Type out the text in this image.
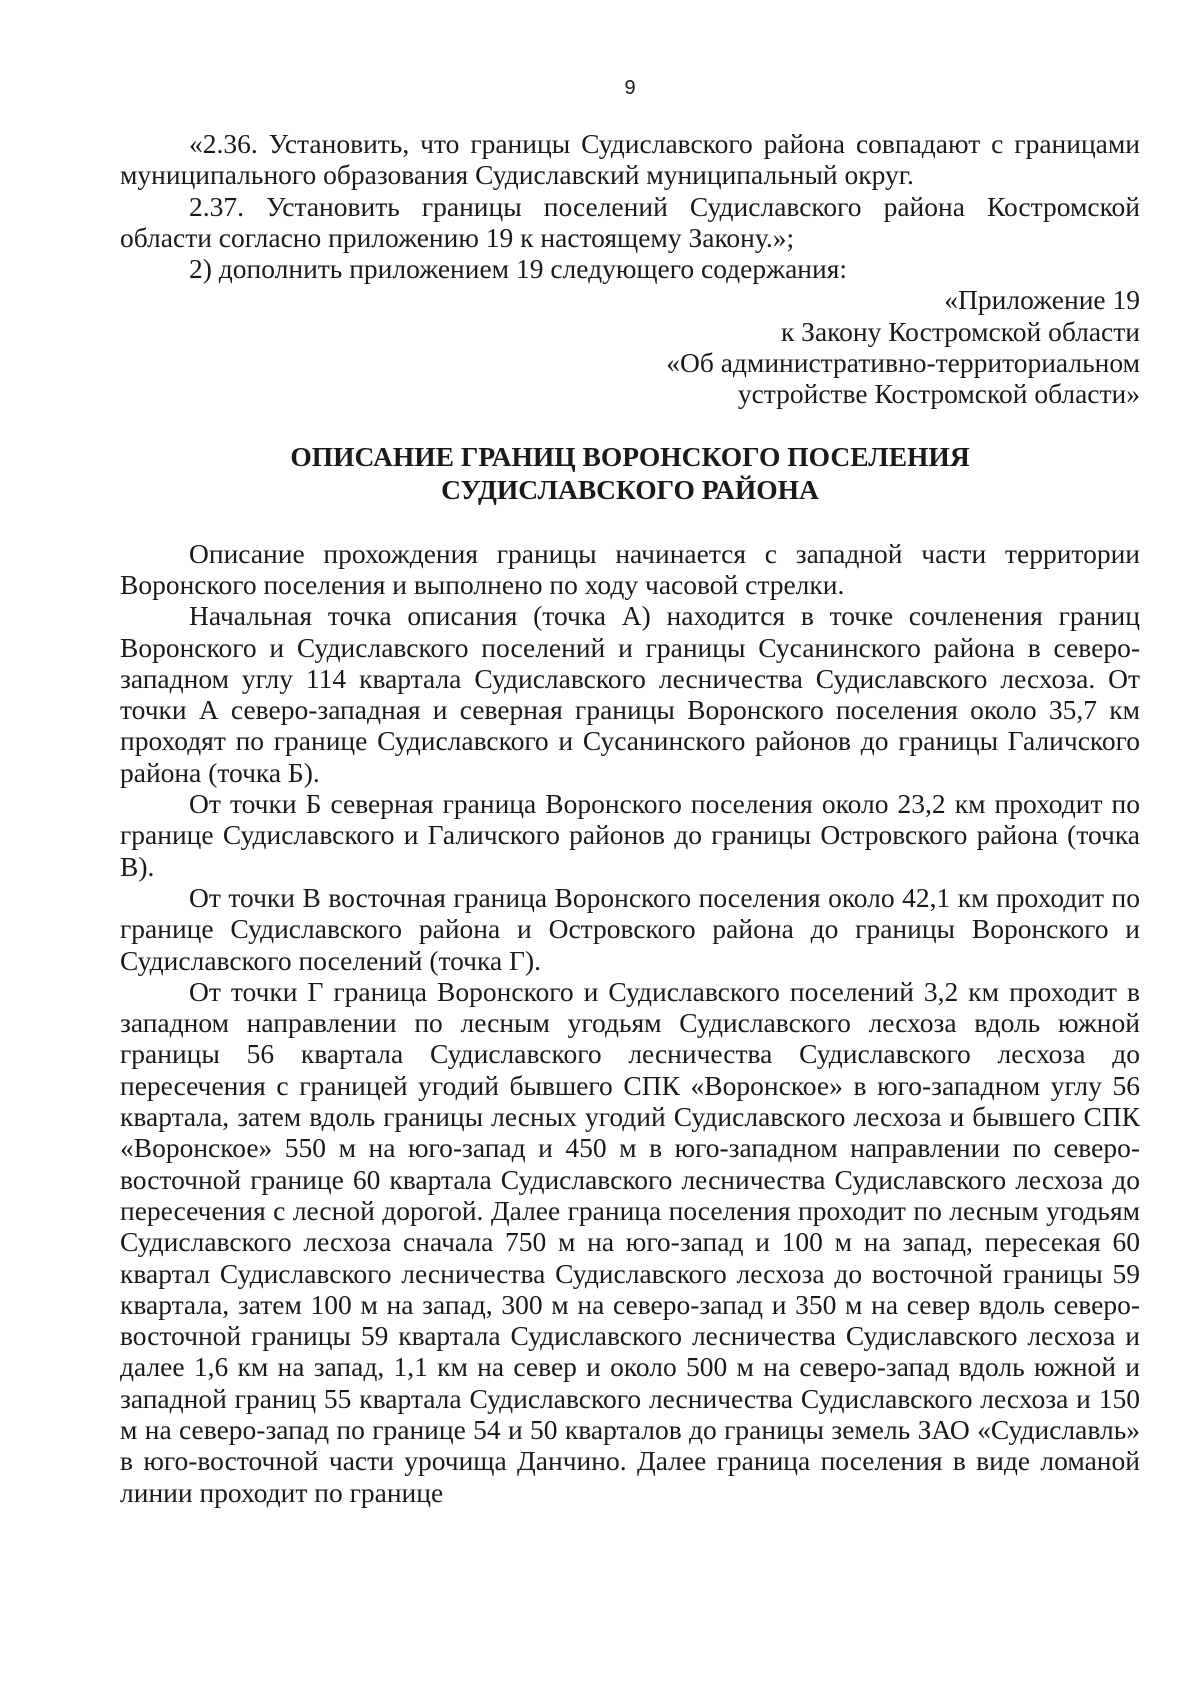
9

«2.36. Установить, что границы Судиславского района совпадают с границами муниципального образования Судиславский муниципальный округ.

2.37. Установить границы поселений Судиславского района Костромской области согласно приложению 19 к настоящему Закону.»;

2) дополнить приложением 19 следующего содержания:

«Приложение 19

к Закону Костромской области

«Об административно-территориальном

устройстве Костромской области»

ОПИСАНИЕ ГРАНИЦ ВОРОНСКОГО ПОСЕЛЕНИЯ
СУДИСЛАВСКОГО РАЙОНА

Описание прохождения границы начинается с западной части территории Воронского поселения и выполнено по ходу часовой стрелки.

Начальная точка описания (точка А) находится в точке сочленения границ Воронского и Судиславского поселений и границы Сусанинского района в северо-западном углу 114 квартала Судиславского лесничества Судиславского лесхоза. От точки А северо-западная и северная границы Воронского поселения около 35,7 км проходят по границе Судиславского и Сусанинского районов до границы Галичского района (точка Б).

От точки Б северная граница Воронского поселения около 23,2 км проходит по границе Судиславского и Галичского районов до границы Островского района (точка В).

От точки В восточная граница Воронского поселения около 42,1 км проходит по границе Судиславского района и Островского района до границы Воронского и Судиславского поселений (точка Г).

От точки Г граница Воронского и Судиславского поселений 3,2 км проходит в западном направлении по лесным угодьям Судиславского лесхоза вдоль южной границы 56 квартала Судиславского лесничества Судиславского лесхоза до пересечения с границей угодий бывшего СПК «Воронское» в юго-западном углу 56 квартала, затем вдоль границы лесных угодий Судиславского лесхоза и бывшего СПК «Воронское» 550 м на юго-запад и 450 м в юго-западном направлении по северо-восточной границе 60 квартала Судиславского лесничества Судиславского лесхоза до пересечения с лесной дорогой. Далее граница поселения проходит по лесным угодьям Судиславского лесхоза сначала 750 м на юго-запад и 100 м на запад, пересекая 60 квартал Судиславского лесничества Судиславского лесхоза до восточной границы 59 квартала, затем 100 м на запад, 300 м на северо-запад и 350 м на север вдоль северо-восточной границы 59 квартала Судиславского лесничества Судиславского лесхоза и далее 1,6 км на запад, 1,1 км на север и около 500 м на северо-запад вдоль южной и западной границ 55 квартала Судиславского лесничества Судиславского лесхоза и 150 м на северо-запад по границе 54 и 50 кварталов до границы земель ЗАО «Судиславль» в юго-восточной части урочища Данчино. Далее граница поселения в виде ломаной линии проходит по границе
